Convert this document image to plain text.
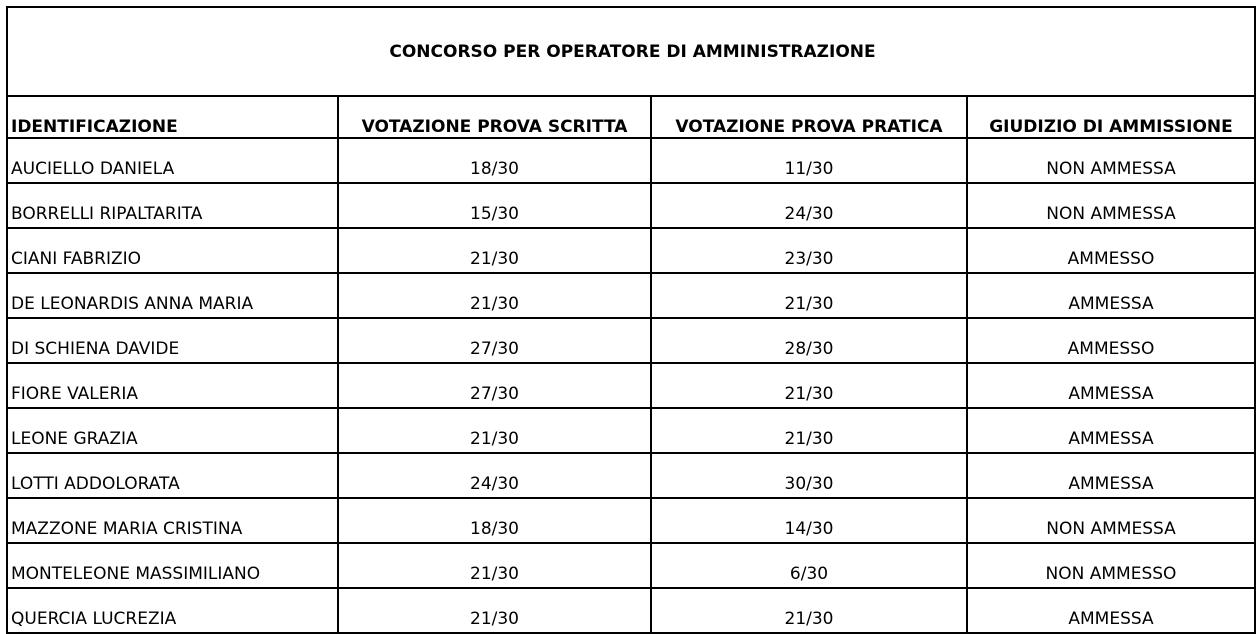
CONCORSO PER OPERATORE DI AMMINISTRAZIONE			
IDENTIFICAZIONE	VOTAZIONE PROVA SCRITTA	VOTAZIONE PROVA PRATICA	GIUDIZIO DI AMMISSIONE
AUCIELLO DANIELA	18/30	11/30	NON AMMESSA
BORRELLI RIPALTARITA	15/30	24/30	NON AMMESSA
CIANI FABRIZIO	21/30	23/30	AMMESSO
DE LEONARDIS ANNA MARIA	21/30	21/30	AMMESSA
DI SCHIENA DAVIDE	27/30	28/30	AMMESSO
FIORE VALERIA	27/30	21/30	AMMESSA
LEONE GRAZIA	21/30	21/30	AMMESSA
LOTTI ADDOLORATA	24/30	30/30	AMMESSA
MAZZONE MARIA CRISTINA	18/30	14/30	NON AMMESSA
MONTELEONE MASSIMILIANO	21/30	6/30	NON AMMESSO
QUERCIA LUCREZIA	21/30	21/30	AMMESSA
